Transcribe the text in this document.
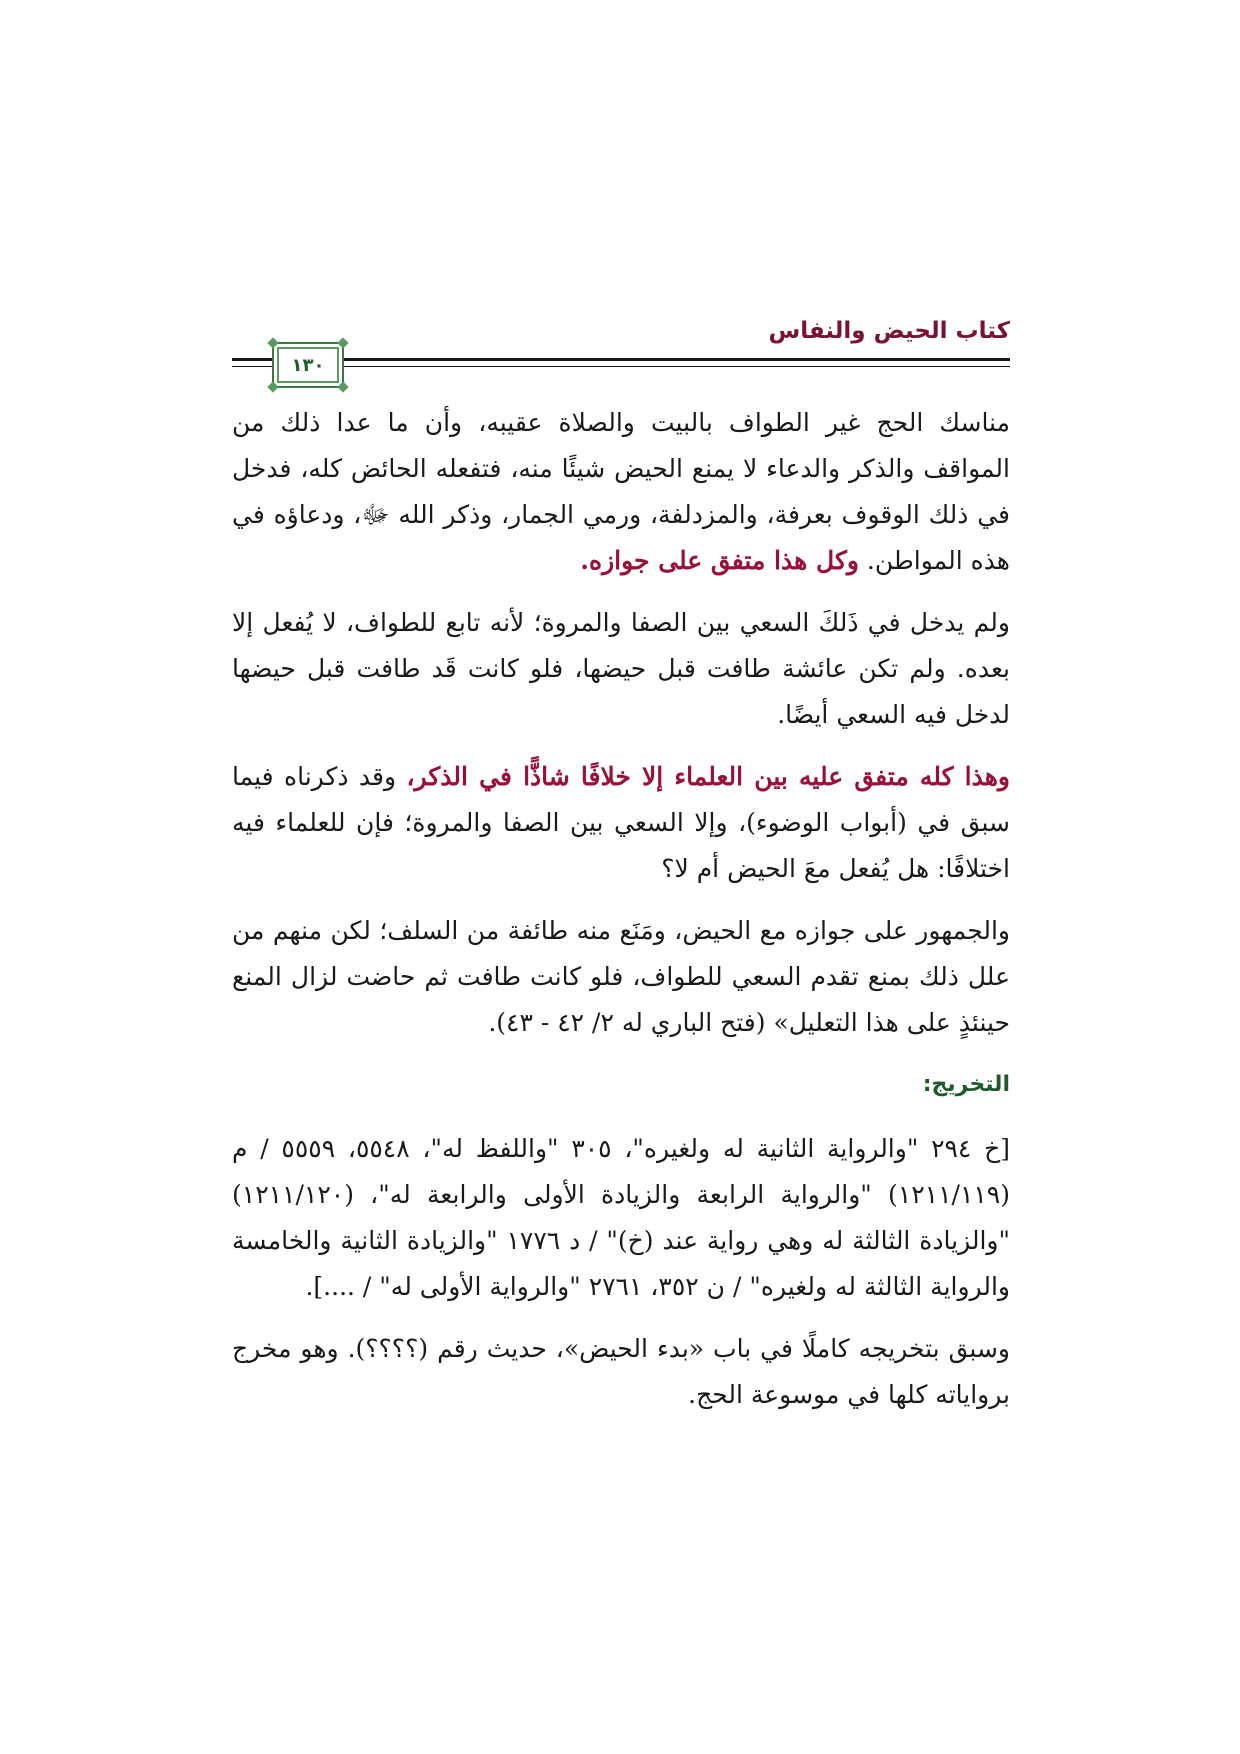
كتاب الحيض والنفاس
١٣٠

مناسك الحج غير الطواف بالبيت والصلاة عقيبه، وأن ما عدا ذلك من المواقف والذكر والدعاء لا يمنع الحيض شيئًا منه، فتفعله الحائض كله، فدخل في ذلك الوقوف بعرفة، والمزدلفة، ورمي الجمار، وذكر الله ﷻ، ودعاؤه في هذه المواطن. وكل هذا متفق على جوازه.

ولم يدخل في ذَلكَ السعي بين الصفا والمروة؛ لأنه تابع للطواف، لا يُفعل إلا بعده. ولم تكن عائشة طافت قبل حيضها، فلو كانت قَد طافت قبل حيضها لدخل فيه السعي أيضًا.

وهذا كله متفق عليه بين العلماء إلا خلافًا شاذًّا في الذكر، وقد ذكرناه فيما سبق في (أبواب الوضوء)، وإلا السعي بين الصفا والمروة؛ فإن للعلماء فيه اختلافًا: هل يُفعل معَ الحيض أم لا؟

والجمهور على جوازه مع الحيض، ومَنَع منه طائفة من السلف؛ لكن منهم من علل ذلك بمنع تقدم السعي للطواف، فلو كانت طافت ثم حاضت لزال المنع حينئذٍ على هذا التعليل» (فتح الباري له ٢/ ٤٢ - ٤٣).

التخريج:

[خ ٢٩٤ "والرواية الثانية له ولغيره"، ٣٠٥ "واللفظ له"، ٥٥٤٨، ٥٥٥٩ / م (١٢١١/١١٩) "والرواية الرابعة والزيادة الأولى والرابعة له"، (١٢١١/١٢٠) "والزيادة الثالثة له وهي رواية عند (خ)" / د ١٧٧٦ "والزيادة الثانية والخامسة والرواية الثالثة له ولغيره" / ن ٣٥٢، ٢٧٦١ "والرواية الأولى له" / ....].

وسبق بتخريجه كاملًا في باب «بدء الحيض»، حديث رقم (؟؟؟؟). وهو مخرج برواياته كلها في موسوعة الحج.
